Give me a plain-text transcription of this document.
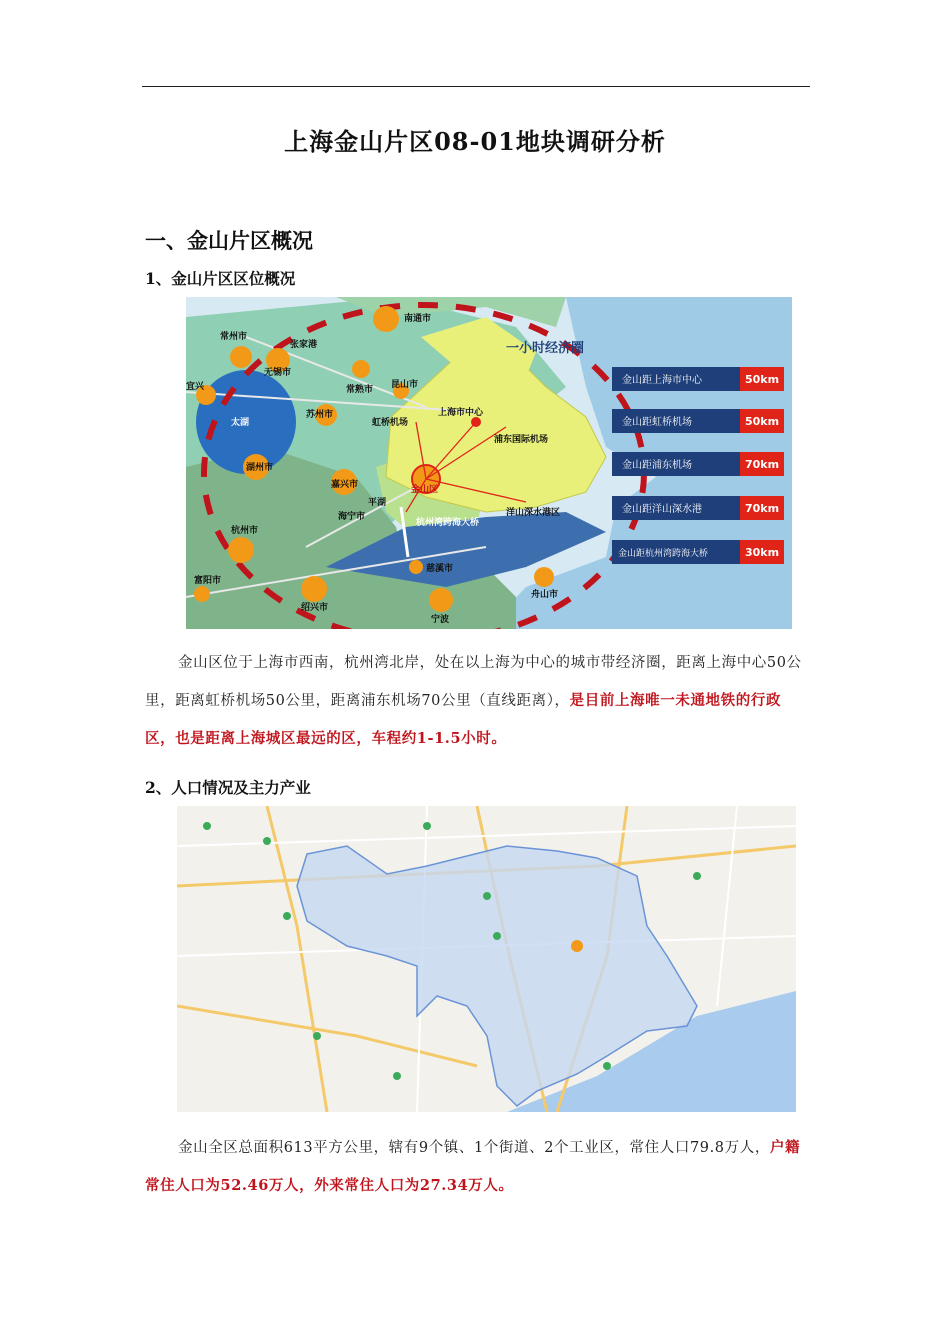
上海金山片区08-01地块调研分析
一、金山片区概况
1、金山片区区位概况
南通市
常州市
张家港
无锡市
常熟市 昆山市
苏州市
湖州市
嘉兴市
杭州市
平湖
海宁市
富阳市
绍兴市
宁波
慈溪市
舟山市
宜兴
上海市中心
虹桥机场
浦东国际机场
金山区
杭州湾跨海大桥
洋山深水港区
太湖
一小时经济圈
金山距上海市中心	50km
金山距虹桥机场	50km
金山距浦东机场	70km
金山距洋山深水港	70km
金山距杭州湾跨海大桥	30km
金山区位于上海市西南，杭州湾北岸，处在以上海为中心的城市带经济圈，距离上海中心50公里，距离虹桥机场50公里，距离浦东机场70公里（直线距离），是目前上海唯一未通地铁的行政区，也是距离上海城区最远的区，车程约1-1.5小时。
2、人口情况及主力产业
金山全区总面积613平方公里，辖有9个镇、1个街道、2个工业区，常住人口79.8万人，户籍常住人口为52.46万人，外来常住人口为27.34万人。
